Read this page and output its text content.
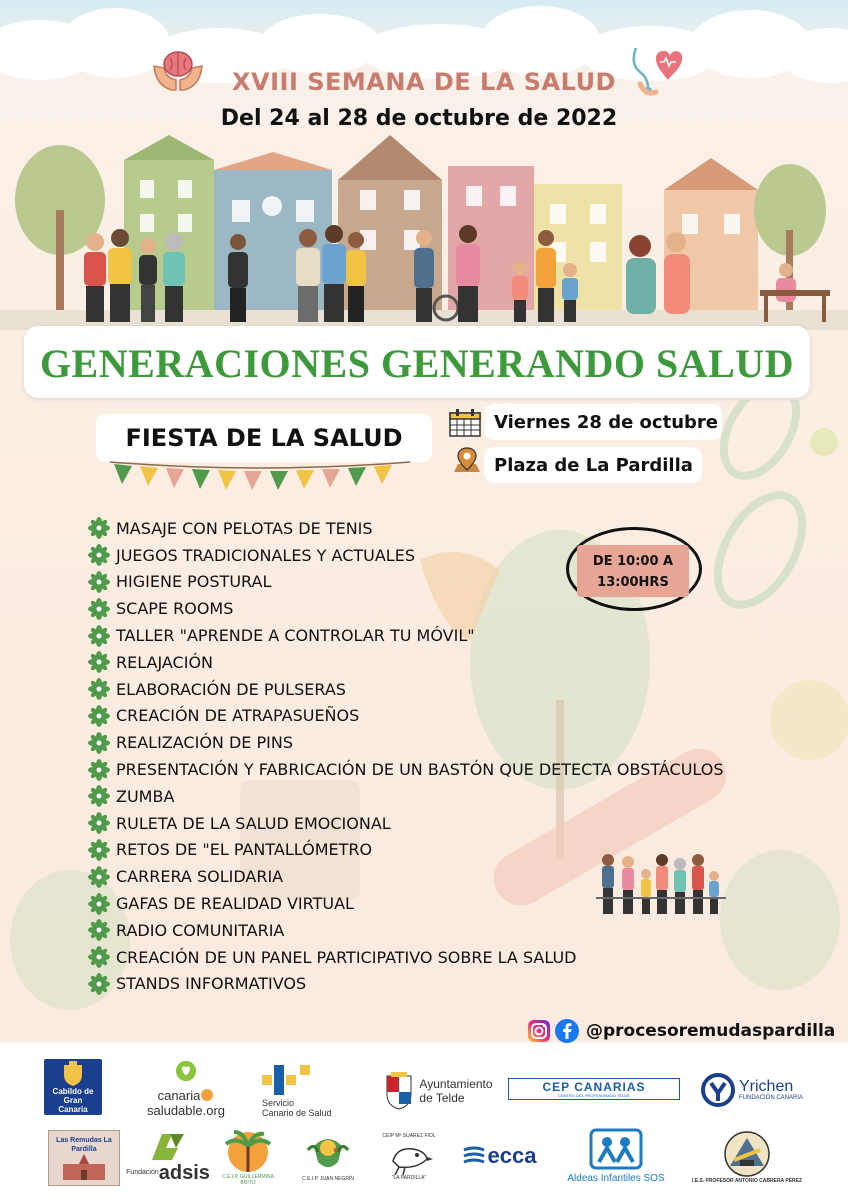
XVIII SEMANA DE LA SALUD
Del 24 al 28 de octubre de 2022
GENERACIONES GENERANDO SALUD
FIESTA DE LA SALUD
Viernes 28 de octubre
Plaza de La Pardilla
DE 10:00 A
13:00HRS
MASAJE CON PELOTAS DE TENIS
JUEGOS TRADICIONALES Y ACTUALES
HIGIENE POSTURAL
SCAPE ROOMS
TALLER "APRENDE A CONTROLAR TU MÓVIL"
RELAJACIÓN
ELABORACIÓN DE PULSERAS
CREACIÓN DE ATRAPASUEÑOS
REALIZACIÓN DE PINS
PRESENTACIÓN Y FABRICACIÓN DE UN BASTÓN QUE DETECTA OBSTÁCULOS
ZUMBA
RULETA DE LA SALUD EMOCIONAL
RETOS DE "EL PANTALLÓMETRO
CARRERA SOLIDARIA
GAFAS DE REALIDAD VIRTUAL
RADIO COMUNITARIA
CREACIÓN DE UN PANEL PARTICIPATIVO SOBRE LA SALUD
STANDS INFORMATIVOS
@procesoremudaspardilla
Cabildo de Gran Canaria
canariasaludable.org
Servicio
Canario de Salud
Ayuntamiento
de Telde
CEP CANARIAS
CENTRO DEL PROFESORADO TELDE	Yrichen
FUNDACIÓN CANARIA
Las Remudas La Pardilla
$^{Fundación}$adsis	C.E.I.P. GUILLERMINA BRITO
C.E.I.P. JUAN NEGRÍN
CEIP Mª SUÁREZ FIOL
"LA PARDILLA"
ecca
Aldeas Infantiles SOS	I.E.S. PROFESOR ANTONIO CABRERA PÉREZ
